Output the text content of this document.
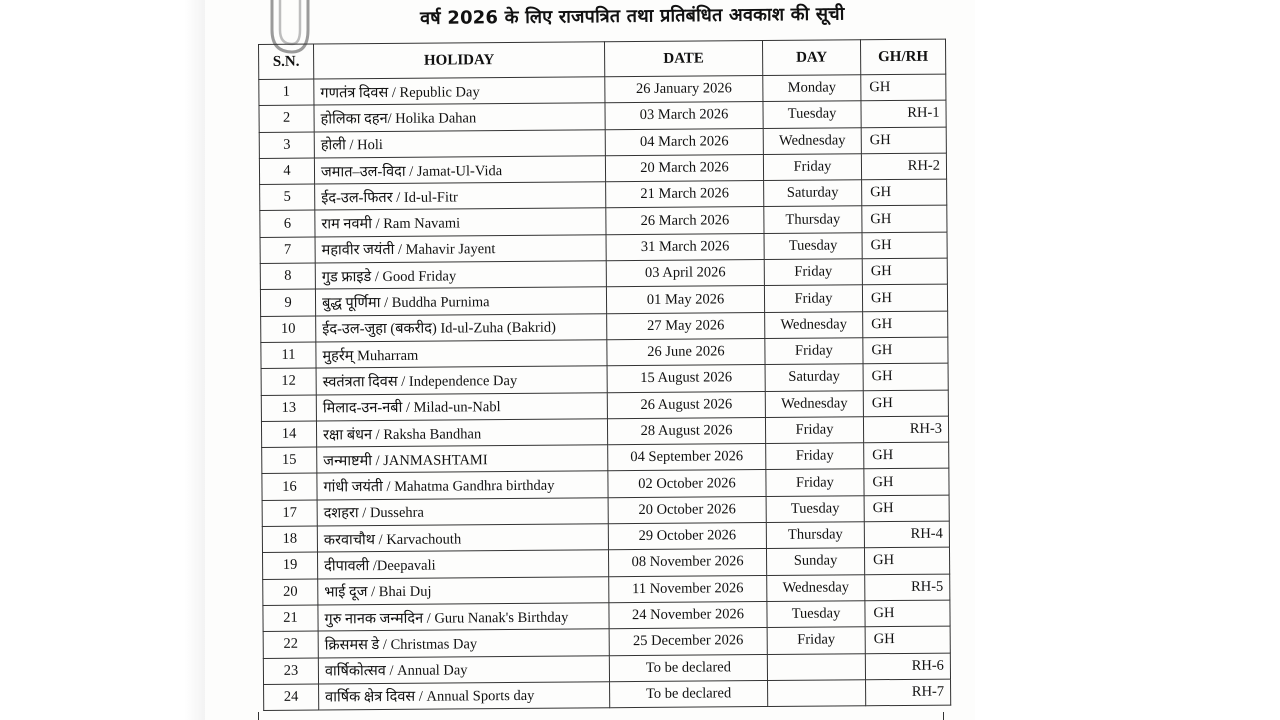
वर्ष 2026 के लिए राजपत्रित तथा प्रतिबंधित अवकाश की सूची
S.N.	HOLIDAY	DATE	DAY	GH/RH
1	गणतंत्र दिवस / Republic Day	26 January 2026	Monday	GH
2	होलिका दहन/ Holika Dahan	03 March 2026	Tuesday	RH-1
3	होली / Holi	04 March 2026	Wednesday	GH
4	जमात–उल-विदा / Jamat-Ul-Vida	20 March 2026	Friday	RH-2
5	ईद-उल-फितर / Id-ul-Fitr	21 March 2026	Saturday	GH
6	राम नवमी / Ram Navami	26 March 2026	Thursday	GH
7	महावीर जयंती / Mahavir Jayent	31 March 2026	Tuesday	GH
8	गुड फ्राइडे / Good Friday	03 April 2026	Friday	GH
9	बुद्ध पूर्णिमा / Buddha Purnima	01 May 2026	Friday	GH
10	ईद-उल-जुहा (बकरीद) Id-ul-Zuha (Bakrid)	27 May 2026	Wednesday	GH
11	मुहर्रम् Muharram	26 June 2026	Friday	GH
12	स्वतंत्रता दिवस / Independence Day	15 August 2026	Saturday	GH
13	मिलाद-उन-नबी / Milad-un-Nabl	26 August 2026	Wednesday	GH
14	रक्षा बंधन / Raksha Bandhan	28 August 2026	Friday	RH-3
15	जन्माष्टमी / JANMASHTAMI	04 September 2026	Friday	GH
16	गांधी जयंती / Mahatma Gandhra birthday	02 October 2026	Friday	GH
17	दशहरा / Dussehra	20 October 2026	Tuesday	GH
18	करवाचौथ / Karvachouth	29 October 2026	Thursday	RH-4
19	दीपावली /Deepavali	08 November 2026	Sunday	GH
20	भाई दूज / Bhai Duj	11 November 2026	Wednesday	RH-5
21	गुरु नानक जन्मदिन / Guru Nanak's Birthday	24 November 2026	Tuesday	GH
22	क्रिसमस डे / Christmas Day	25 December 2026	Friday	GH
23	वार्षिकोत्सव / Annual Day	To be declared		RH-6
24	वार्षिक क्षेत्र दिवस / Annual Sports day	To be declared		RH-7
